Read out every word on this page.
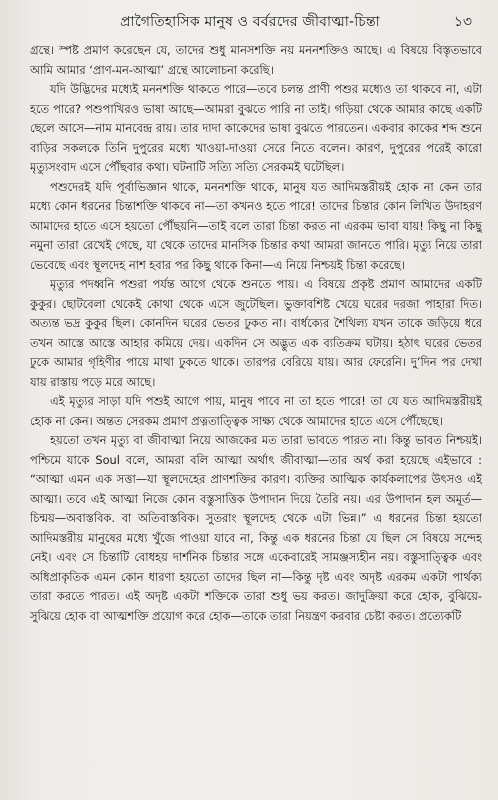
প্রাগৈতিহাসিক মানুষ ও বর্বরদের জীবাত্মা-চিন্তা	১৩

গ্রন্থে। স্পষ্ট প্রমাণ করেছেন যে, তাদের শুধু মানসশক্তি নয় মননশক্তিও আছে। এ বিষয়ে বিস্তৃতভাবে আমি আমার ‘প্রাণ-মন-আত্মা’ গ্রন্থে আলোচনা করেছি।

যদি উদ্ভিদের মধ্যেই মননশক্তি থাকতে পারে—তবে চলন্ত প্রাণী পশুর মধ্যেও তা থাকবে না, এটা হতে পারে? পশুপাখিরও ভাষা আছে—আমরা বুঝতে পারি না তাই। গড়িয়া থেকে আমার কাছে একটি ছেলে আসে—নাম মানবেন্দ্র রায়। তার দাদা কাকেদের ভাষা বুঝতে পারতেন। একবার কাকের শব্দ শুনে বাড়ির সকলকে তিনি দুপুরের মধ্যে খাওয়া-দাওয়া সেরে নিতে বলেন। কারণ, দুপুরের পরেই কারো মৃত্যুসংবাদ এসে পৌঁছবার কথা। ঘটনাটি সত্যি সত্যি সেরকমই ঘটেছিল।

পশুদেরই যদি পূর্বাভিজ্ঞান থাকে, মননশক্তি থাকে, মানুষ যত আদিমস্তরীয়ই হোক না কেন তার মধ্যে কোন ধরনের চিন্তাশক্তি থাকবে না—তা কখনও হতে পারে! তাদের চিন্তার কোন লিখিত উদাহরণ আমাদের হাতে এসে হয়তো পৌঁছয়নি—তাই বলে তারা চিন্তা করত না এরকম ভাবা যায়! কিছু না কিছু নমুনা তারা রেখেই গেছে, যা থেকে তাদের মানসিক চিন্তার কথা আমরা জানতে পারি। মৃত্যু নিয়ে তারা ভেবেছে এবং স্থূলদেহ নাশ হবার পর কিছু থাকে কিনা—এ নিয়ে নিশ্চয়ই চিন্তা করেছে।

মৃত্যুর পদধ্বনি পশুরা পর্যন্ত আগে থেকে শুনতে পায়। এ বিষয়ে প্রকৃষ্ট প্রমাণ আমাদের একটি কুকুর। ছোটবেলা থেকেই কোথা থেকে এসে জুটেছিল। ভুক্তাবশিষ্ট খেয়ে ঘরের দরজা পাহারা দিত। অত্যন্ত ভদ্র কুকুর ছিল। কোনদিন ঘরের ভেতর ঢুকত না। বার্ধক্যের শৈথিল্য যখন তাকে জড়িয়ে ধরে তখন আস্তে আস্তে আহার কমিয়ে দেয়। একদিন সে অদ্ভুত এক ব্যতিক্রম ঘটায়। হঠাৎ ঘরের ভেতর ঢুকে আমার গৃহিণীর পায়ে মাথা ঢুকতে থাকে। তারপর বেরিয়ে যায়। আর ফেরেনি। দু’দিন পর দেখা যায় রাস্তায় পড়ে মরে আছে।

এই মৃত্যুর সাড়া যদি পশুই আগে পায়, মানুষ পাবে না তা হতে পারে! তা যে যত আদিমস্তরীয়ই হোক না কেন। অন্তত সেরকম প্রমাণ প্রত্নতাত্ত্বিক সাক্ষ্য থেকে আমাদের হাতে এসে পৌঁছেছে।

হয়তো তখন মৃত্যু বা জীবাত্মা নিয়ে আজকের মত তারা ভাবতে পারত না। কিন্তু ভাবত নিশ্চয়ই। পশ্চিমে যাকে Soul বলে, আমরা বলি আত্মা অর্থাৎ জীবাত্মা—তার অর্থ করা হয়েছে এইভাবে : “আত্মা এমন এক সত্তা—যা স্থূলদেহের প্রাণশক্তির কারণ। ব্যক্তির আত্মিক কার্যকলাপের উৎসও এই আত্মা। তবে এই আত্মা নিজে কোন বস্তুসাত্তিক উপাদান দিয়ে তৈরি নয়। এর উপাদান হল অমূর্ত—চিন্ময়—অবাস্তবিক. বা অতিবাস্তবিক। সুতরাং স্থূলদেহ থেকে এটা ভিন্ন।” এ ধরনের চিন্তা হয়তো আদিমস্তরীয় মানুষের মধ্যে খুঁজে পাওয়া যাবে না, কিন্তু এক ধরনের চিন্তা যে ছিল সে বিষয়ে সন্দেহ নেই। এবং সে চিন্তাটি বোধহয় দার্শনিক চিন্তার সঙ্গে একেবারেই সামঞ্জস্যহীন নয়। বস্তুসাত্ত্বিক এবং অধিপ্রাকৃতিক এমন কোন ধারণা হয়তো তাদের ছিল না—কিন্তু দৃষ্ট এবং অদৃষ্ট এরকম একটা পার্থক্য তারা করতে পারত। এই অদৃষ্ট একটা শক্তিকে তারা শুধু ভয় করত। জাদুক্রিয়া করে হোক, বুঝিয়ে-সুঝিয়ে হোক বা আত্মশক্তি প্রয়োগ করে হোক—তাকে তারা নিয়ন্ত্রণ করবার চেষ্টা করত। প্রত্যেকটি
